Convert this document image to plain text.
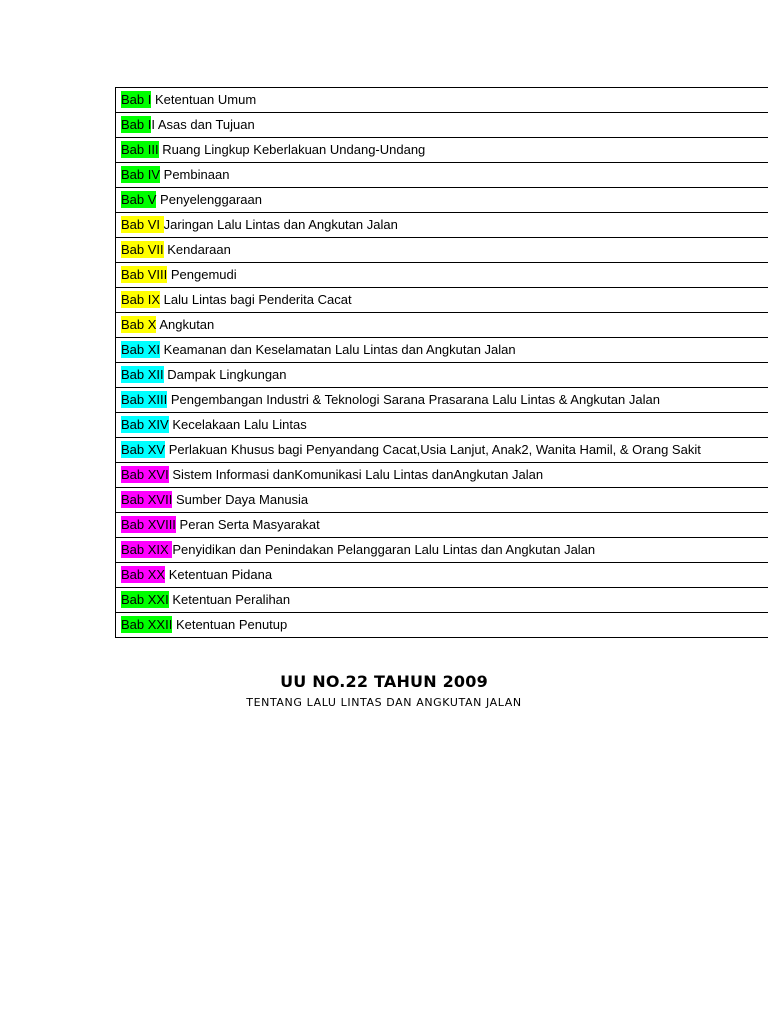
Bab I Ketentuan Umum
Bab II Asas dan Tujuan
Bab III Ruang Lingkup Keberlakuan Undang-Undang
Bab IV Pembinaan
Bab V Penyelenggaraan
Bab VI Jaringan Lalu Lintas dan Angkutan Jalan
Bab VII Kendaraan
Bab VIII Pengemudi
Bab IX Lalu Lintas bagi Penderita Cacat
Bab X Angkutan
Bab XI Keamanan dan Keselamatan Lalu Lintas dan Angkutan Jalan
Bab XII Dampak Lingkungan
Bab XIII Pengembangan Industri & Teknologi Sarana Prasarana Lalu Lintas & Angkutan Jalan
Bab XIV Kecelakaan Lalu Lintas
Bab XV Perlakuan Khusus bagi Penyandang Cacat,Usia Lanjut, Anak2, Wanita Hamil, & Orang Sakit
Bab XVI Sistem Informasi danKomunikasi Lalu Lintas danAngkutan Jalan
Bab XVII Sumber Daya Manusia
Bab XVIII Peran Serta Masyarakat
Bab XIX Penyidikan dan Penindakan Pelanggaran Lalu Lintas dan Angkutan Jalan
Bab XX Ketentuan Pidana
Bab XXI Ketentuan Peralihan
Bab XXII Ketentuan Penutup
UU NO.22 TAHUN 2009
TENTANG LALU LINTAS DAN ANGKUTAN JALAN
